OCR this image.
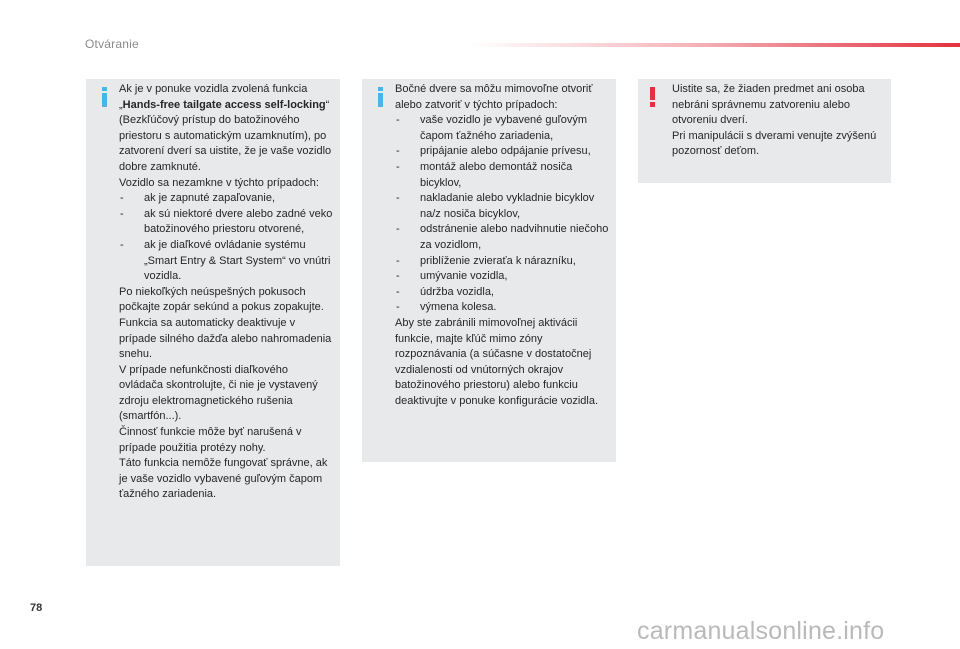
Otváranie

Ak je v ponuke vozidla zvolená funkcia „Hands-free tailgate access self-locking“ (Bezkľúčový prístup do batožinového priestoru s automatickým uzamknutím), po zatvorení dverí sa uistite, že je vaše vozidlo dobre zamknuté.

Vozidlo sa nezamkne v týchto prípadoch:

- ak je zapnuté zapaľovanie,
- ak sú niektoré dvere alebo zadné veko batožinového priestoru otvorené,
- ak je diaľkové ovládanie systému „Smart Entry & Start System“ vo vnútri vozidla.

Po niekoľkých neúspešných pokusoch počkajte zopár sekúnd a pokus zopakujte.

Funkcia sa automaticky deaktivuje v prípade silného dažďa alebo nahromadenia snehu.

V prípade nefunkčnosti diaľkového ovládača skontrolujte, či nie je vystavený zdroju elektromagnetického rušenia (smartfón...).

Činnosť funkcie môže byť narušená v prípade použitia protézy nohy.

Táto funkcia nemôže fungovať správne, ak je vaše vozidlo vybavené guľovým čapom ťažného zariadenia.

Bočné dvere sa môžu mimovoľne otvoriť alebo zatvoriť v týchto prípadoch:

- vaše vozidlo je vybavené guľovým čapom ťažného zariadenia,
- pripájanie alebo odpájanie prívesu,
- montáž alebo demontáž nosiča bicyklov,
- nakladanie alebo vykladnie bicyklov na/z nosiča bicyklov,
- odstránenie alebo nadvihnutie niečoho za vozidlom,
- priblíženie zvieraťa k nárazníku,
- umývanie vozidla,
- údržba vozidla,
- výmena kolesa.

Aby ste zabránili mimovoľnej aktivácii funkcie, majte kľúč mimo zóny rozpoznávania (a súčasne v dostatočnej vzdialenosti od vnútorných okrajov batožinového priestoru) alebo funkciu deaktivujte v ponuke konfigurácie vozidla.

Uistite sa, že žiaden predmet ani osoba nebráni správnemu zatvoreniu alebo otvoreniu dverí.

Pri manipulácii s dverami venujte zvýšenú pozornosť deťom.

78
carmanualsonline.info
